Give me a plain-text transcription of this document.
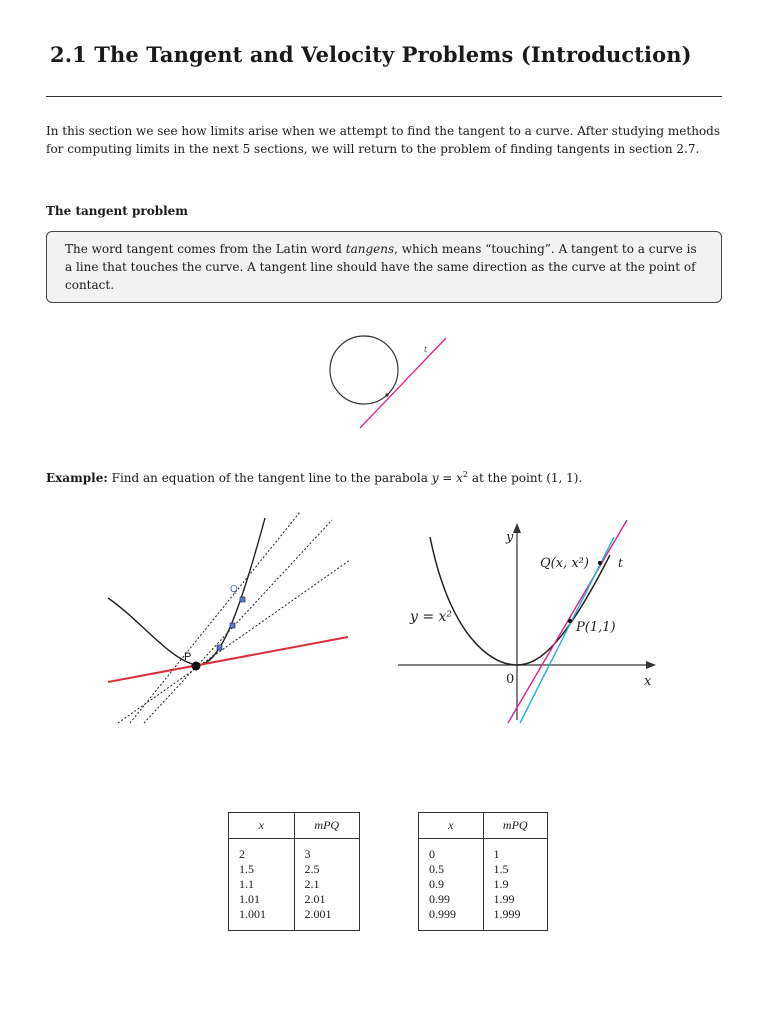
2.1 The Tangent and Velocity Problems (Introduction)
In this section we see how limits arise when we attempt to find the tangent to a curve. After studying methods for computing limits in the next 5 sections, we will return to the problem of finding tangents in section 2.7.
The tangent problem
The word tangent comes from the Latin word tangens, which means “touching”. A tangent to a curve is a line that touches the curve. A tangent line should have the same direction as the curve at the point of contact.
t
Example: Find an equation of the tangent line to the parabola $y = x^2$ at the point (1, 1).
P
Q
y
x
0
y = x²
P(1,1)
Q(x, x²) t
x	mPQ
2	3
1.5	2.5
1.1	2.1
1.01	2.01
1.001	2.001
x	mPQ
0	1
0.5	1.5
0.9	1.9
0.99	1.99
0.999	1.999
